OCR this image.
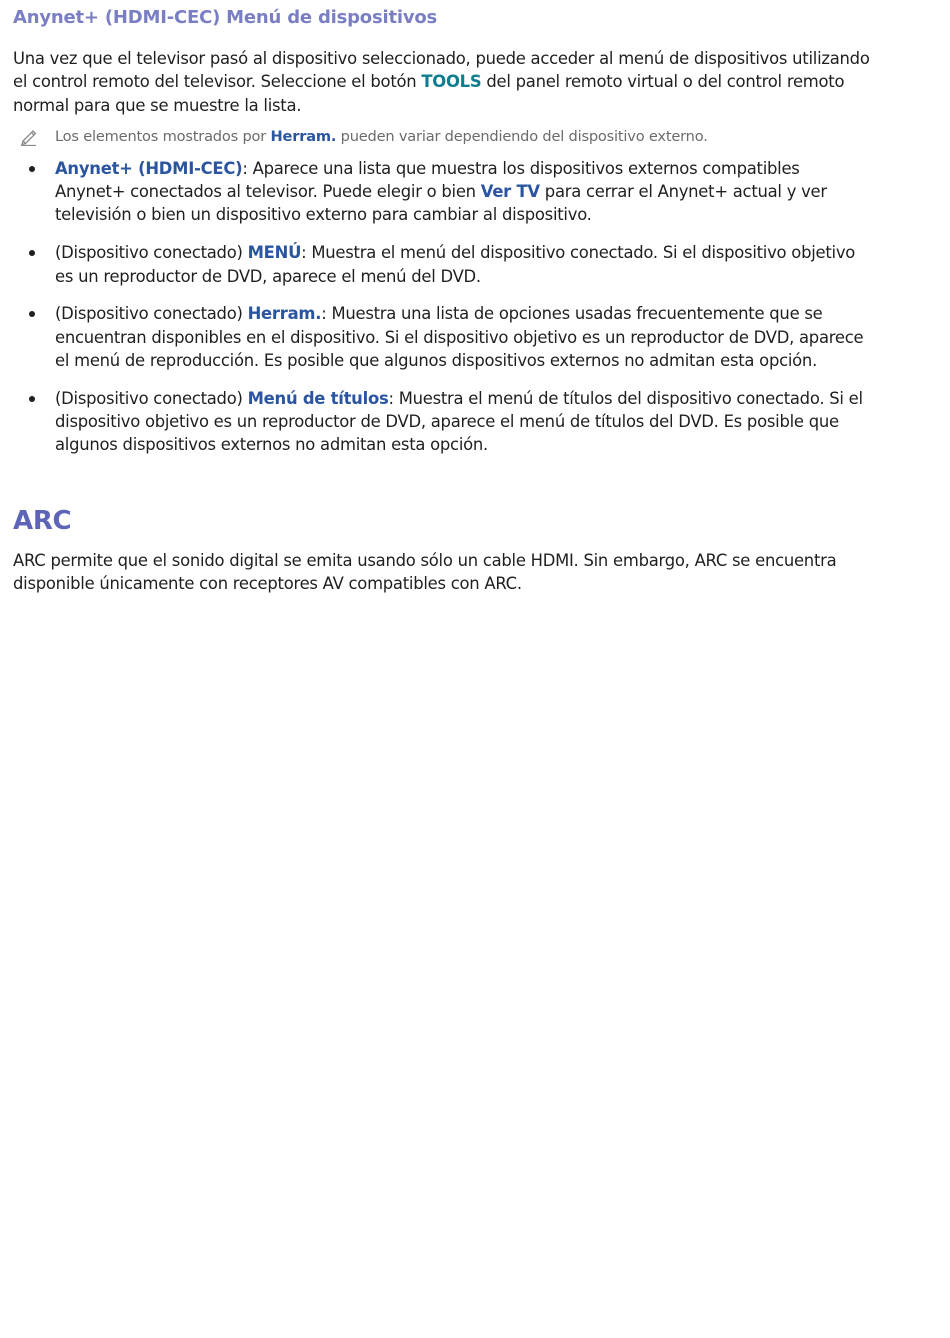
Anynet+ (HDMI-CEC) Menú de dispositivos

Una vez que el televisor pasó al dispositivo seleccionado, puede acceder al menú de dispositivos utilizando el control remoto del televisor. Seleccione el botón TOOLS del panel remoto virtual o del control remoto normal para que se muestre la lista.

Los elementos mostrados por Herram. pueden variar dependiendo del dispositivo externo.

Anynet+ (HDMI-CEC): Aparece una lista que muestra los dispositivos externos compatibles Anynet+ conectados al televisor. Puede elegir o bien Ver TV para cerrar el Anynet+ actual y ver televisión o bien un dispositivo externo para cambiar al dispositivo.

(Dispositivo conectado) MENÚ: Muestra el menú del dispositivo conectado. Si el dispositivo objetivo es un reproductor de DVD, aparece el menú del DVD.

(Dispositivo conectado) Herram.: Muestra una lista de opciones usadas frecuentemente que se encuentran disponibles en el dispositivo. Si el dispositivo objetivo es un reproductor de DVD, aparece el menú de reproducción. Es posible que algunos dispositivos externos no admitan esta opción.

(Dispositivo conectado) Menú de títulos: Muestra el menú de títulos del dispositivo conectado. Si el dispositivo objetivo es un reproductor de DVD, aparece el menú de títulos del DVD. Es posible que algunos dispositivos externos no admitan esta opción.

ARC

ARC permite que el sonido digital se emita usando sólo un cable HDMI. Sin embargo, ARC se encuentra disponible únicamente con receptores AV compatibles con ARC.
